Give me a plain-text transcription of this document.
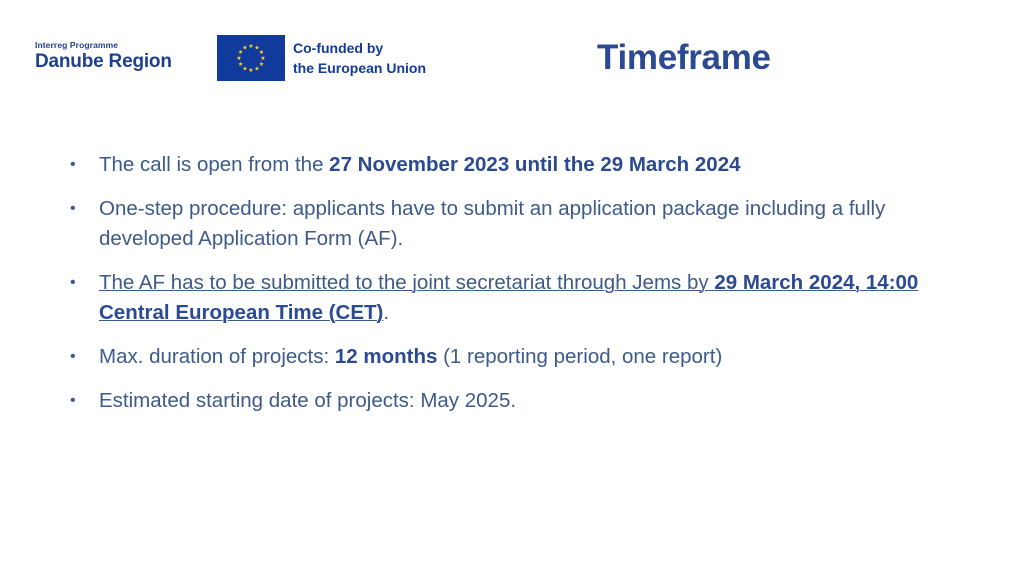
Interreg Programme
Danube Region
★ ★
★
★
★
★
★
★
★
★
★
★	Co-funded by
the European Union	Timeframe
• The call is open from the 27 November 2023 until the 29 March 2024
• One-step procedure: applicants have to submit an application package including a fully developed Application Form (AF).
• The AF has to be submitted to the joint secretariat through Jems by 29 March 2024, 14:00 Central European Time (CET).
• Max. duration of projects: 12 months (1 reporting period, one report)
• Estimated starting date of projects: May 2025.
